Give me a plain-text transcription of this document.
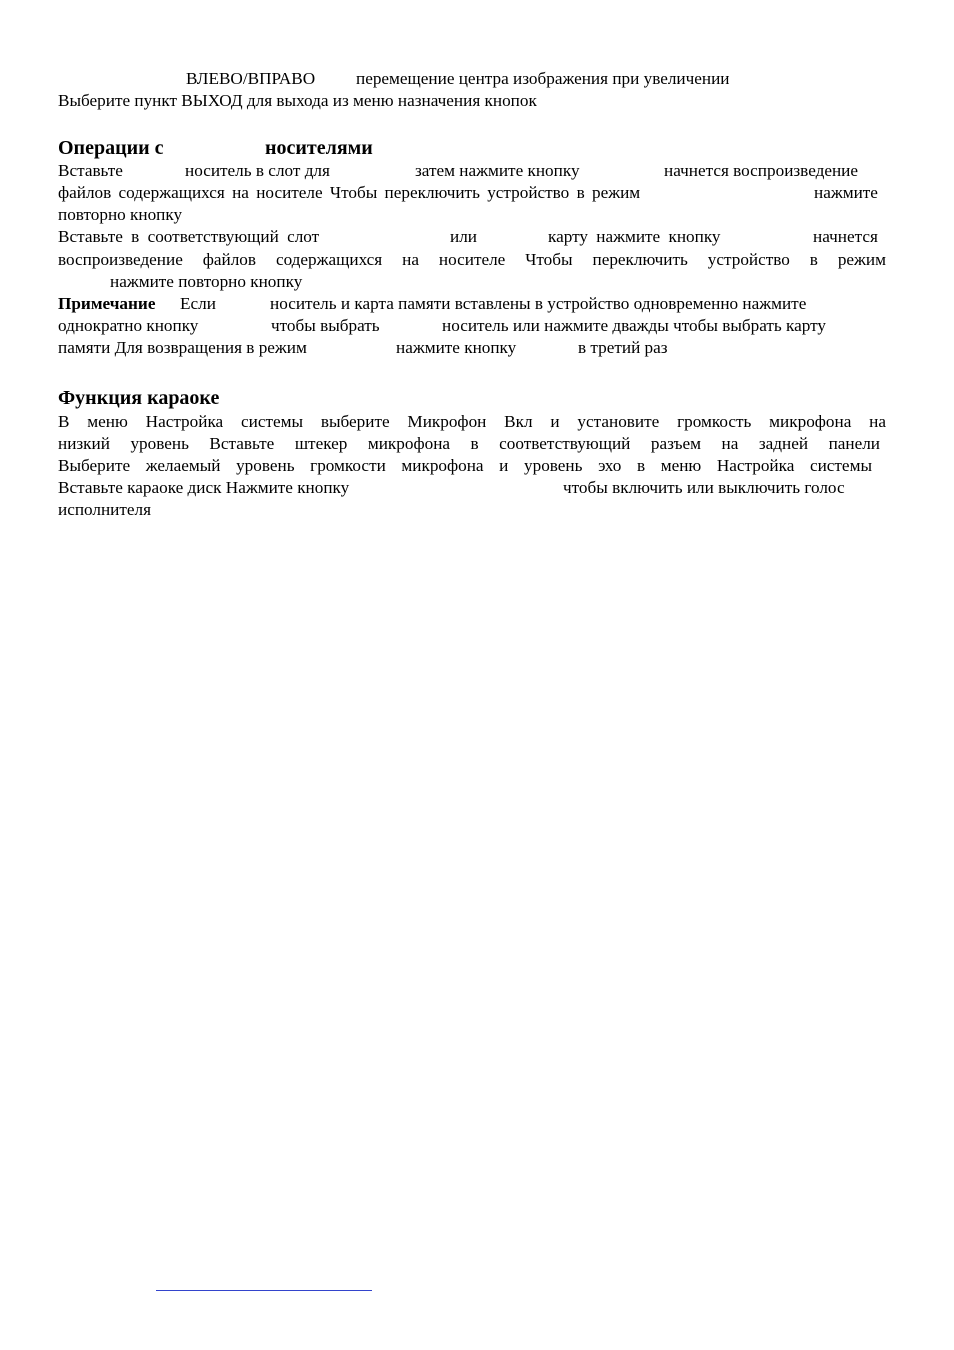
ВЛЕВО/ВПРАВО перемещение центра изображения при увеличении
Выберите пункт ВЫХОД для выхода из меню назначения кнопок
Операции с	носителями
Вставьте	носитель в слот для	затем нажмите кнопку	начнется воспроизведение
файлов содержащихся на носителе Чтобы переключить устройство в режим	нажмите
повторно кнопку
Вставьте в соответствующий слот	или	карту нажмите кнопку	начнется
воспроизведение файлов содержащихся на носителе Чтобы переключить устройство в режим
нажмите повторно кнопку
Примечание Если	носитель и карта памяти вставлены в устройство одновременно нажмите
однократно кнопку	чтобы выбрать	носитель или нажмите дважды чтобы выбрать карту
памяти Для возвращения в режим	нажмите кнопку	в третий раз
Функция караоке
В меню Настройка системы выберите Микрофон Вкл и установите громкость микрофона на
низкий уровень Вставьте штекер микрофона в соответствующий разъем на задней панели
Выберите желаемый уровень громкости микрофона и уровень эхо в меню Настройка системы
Вставьте караоке диск Нажмите кнопку	чтобы включить или выключить голос
исполнителя
